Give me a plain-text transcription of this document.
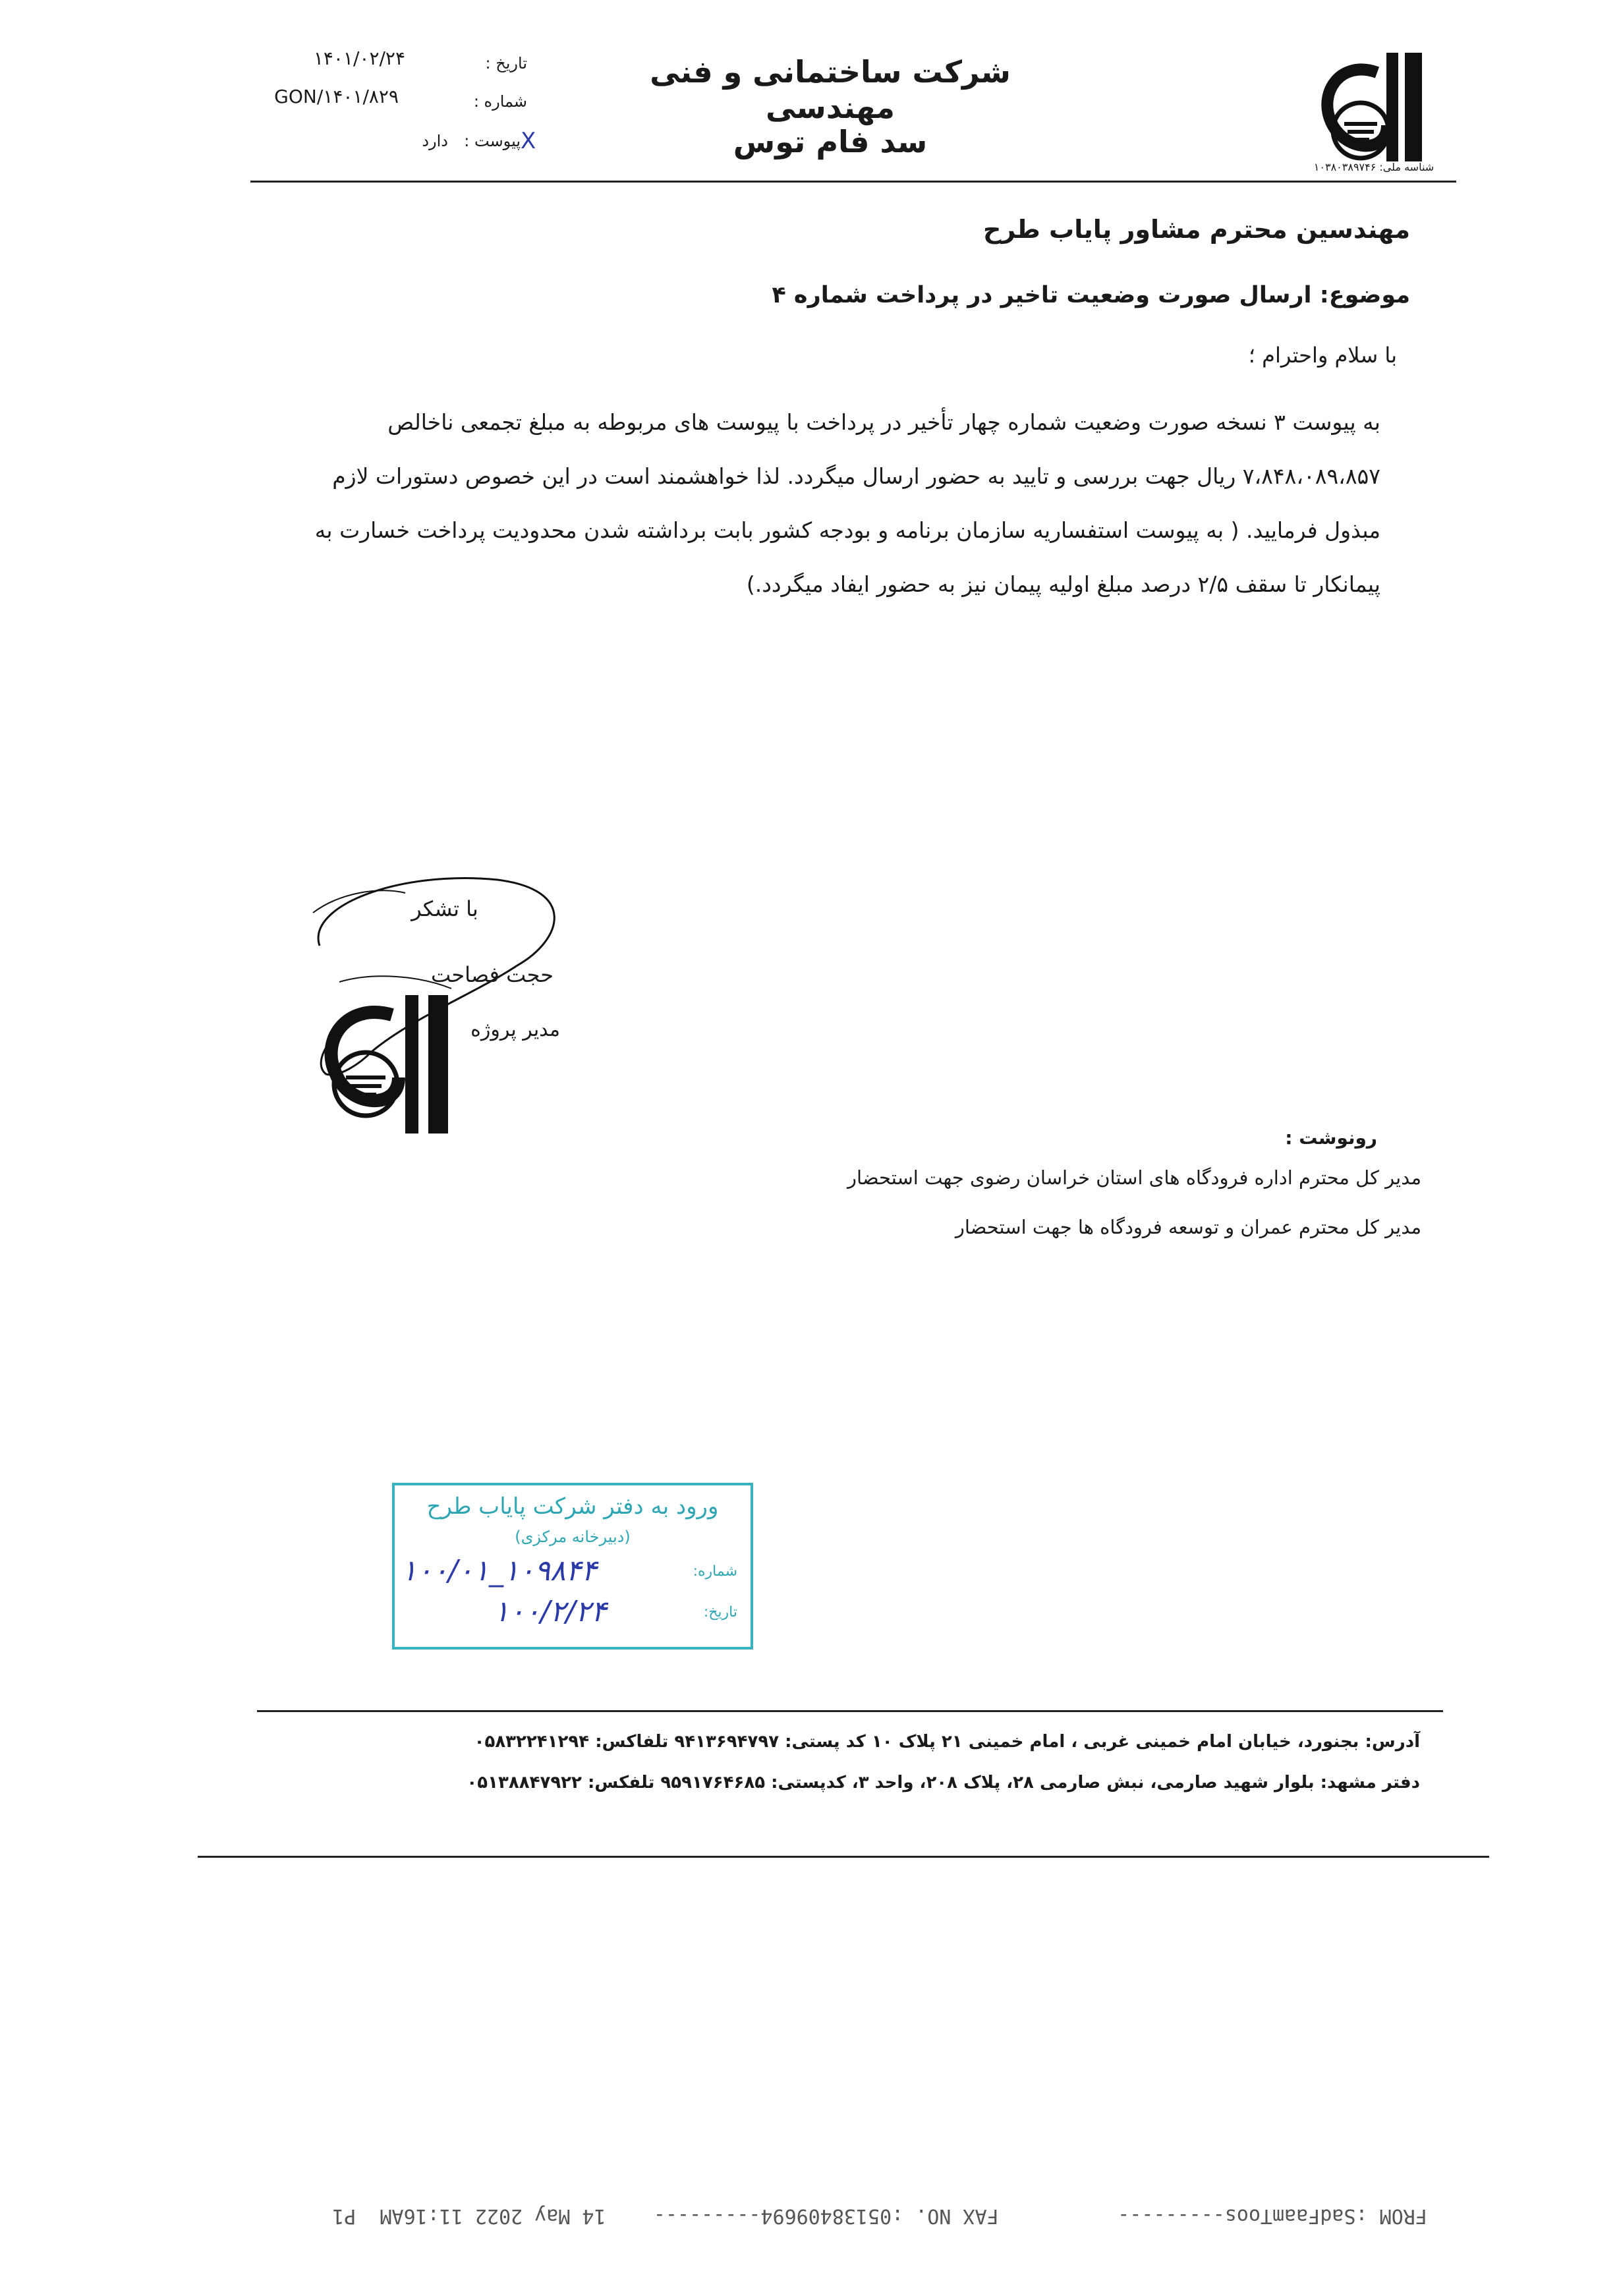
شناسه ملی: ۱۰۳۸۰۳۸۹۷۴۶
شرکت ساختمانی و فنی مهندسی
سد فام توس
تاریخ :
۱۴۰۱/۰۲/۲۴
شماره :
GON/۱۴۰۱/۸۲۹
پیوست : X
دارد
مهندسین محترم مشاور پایاب طرح
موضوع: ارسال صورت وضعیت تاخیر در پرداخت شماره ۴
با سلام واحترام ؛
به پیوست ۳ نسخه صورت وضعیت شماره چهار تأخیر در پرداخت با پیوست های مربوطه به مبلغ تجمعی ناخالص ۷،۸۴۸،۰۸۹،۸۵۷ ریال جهت بررسی و تایید به حضور ارسال میگردد. لذا خواهشمند است در این خصوص دستورات لازم مبذول فرمایید. ( به پیوست استفساریه سازمان برنامه و بودجه کشور بابت برداشته شدن محدودیت پرداخت خسارت به پیمانکار تا سقف ۲/۵ درصد مبلغ اولیه پیمان نیز به حضور ایفاد میگردد.)
با تشکر
حجت فصاحت
مدیر پروژه
رونوشت :
مدیر کل محترم اداره فرودگاه های استان خراسان رضوی جهت استحضار
مدیر کل محترم عمران و توسعه فرودگاه ها جهت استحضار
ورود به دفتر شرکت پایاب طرح
(دبیرخانه مرکزی)
شماره:
۱۰۰/۰۱_۱۰۹۸۴۴
تاریخ:
۱۰۰/۲/۲۴
آدرس: بجنورد، خیابان امام خمینی غربی ، امام خمینی ۲۱ پلاک ۱۰ کد پستی: ۹۴۱۳۶۹۴۷۹۷ تلفاکس: ۰۵۸۳۲۲۴۱۲۹۴
دفتر مشهد: بلوار شهید صارمی، نبش صارمی ۲۸، پلاک ۲۰۸، واحد ۳، کدپستی: ۹۵۹۱۷۶۴۶۸۵ تلفکس: ۰۵۱۳۸۸۴۷۹۲۲
FROM :SadFaamToos---------          FAX NO. :05138409694---------    14 May 2022 11:16AM  P1
